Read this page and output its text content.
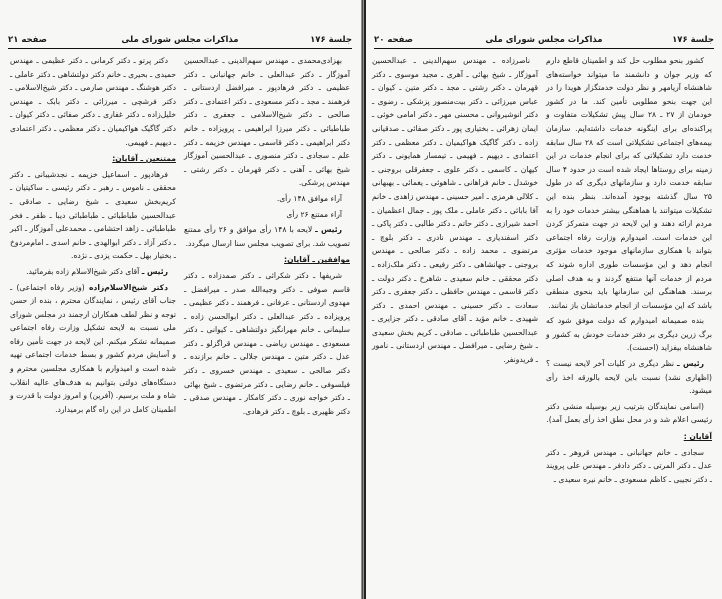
جلسة ۱۷۶
مذاکرات مجلس شورای ملی
صفحه ۲۱

بهزادی‌محمدی ـ مهندس سهم‌الدینی ـ عبدالحسین آموزگار ـ دکتر عبدالعلی ـ خانم جهانبانی ـ دکتر عظیمی ـ دکتر فرهادپور ـ میرافضل اردستانی ـ فرهمند ـ مجد ـ دکتر مسعودی ـ دکتر اعتمادی ـ دکتر صالحی ـ دکتر شیخ‌الاسلامی ـ جعفری ـ دکتر طباطبائی ـ دکتر میرزا ابراهیمی ـ پرویزاده ـ خانم دکتر ابراهیمی ـ دکتر قاسمی ـ مهندس خزیمه ـ دکتر علم ـ سجادی ـ دکتر منصوری ـ عبدالحسین آموزگار شیخ بهائی ـ آهنی ـ دکتر قهرمان ـ دکتر رشتی ـ مهندس پرشکی.

آراء موافق ۱۴۸ رأی.

آراء ممتنع ۲۶ رأی

رئیس ـ لایحه با ۱۴۸ رأی موافق و ۲۶ رأی ممتنع تصویب شد. برای تصویب مجلس سنا ارسال میگردد.

موافقین ـ آقایان:

شریفها ـ دکتر شکرائی ـ دکتر صمدزاده ـ دکتر قاسم صوفی ـ دکتر وجیه‌الله صدر ـ میرافضل ـ مهدوی اردستانی ـ عرفانی ـ فرهمند ـ دکتر عظیمی ـ پرویزاده ـ دکتر عبدالعلی ـ دکتر ابوالحسن زاده ـ سلیمانی ـ خانم مهرانگیز دولتشاهی ـ کیوانی ـ دکتر مسعودی ـ مهندس ریاضی ـ مهندس قراگزلو ـ دکتر عدل ـ دکتر متین ـ مهندس جلالی ـ خانم برازنده ـ دکتر صالحی ـ سعیدی ـ مهندس خسروی ـ دکتر فیلسوفی ـ خانم رضایی ـ دکتر مرتضوی ـ شیخ بهائی ـ دکتر خواجه نوری ـ دکتر کامکار ـ مهندس صدقی ـ دکتر ظهیری ـ بلوچ ـ دکتر فرهادی.

دکتر پرتو ـ دکتر کرمانی ـ دکتر عظیمی ـ مهندس حمیدی ـ بحیری ـ خانم دکتر دولتشاهی ـ دکتر عاملی ـ دکتر هوشنگ ـ مهندس صارمی ـ دکتر شیخ‌الاسلامی ـ دکتر فرشچی ـ میرزائی ـ دکتر بابک ـ مهندس خلیل‌زاده ـ دکتر غفاری ـ دکتر صفائی ـ دکتر کیوان ـ دکتر گاگیک هواکیمیان ـ دکتر معظمی ـ دکتر اعتمادی ـ دیهیم ـ فهیمی.

ممتنعین ـ آقایان:

فرهادپور ـ اسماعیل خزیمه ـ نجدشیبانی ـ دکتر محققی ـ ناموس ـ رهبر ـ دکتر رئیسی ـ ساکیتیان ـ کریم‌بخش سعیدی ـ شیخ رضایی ـ صادقی ـ عبدالحسین طباطبائی ـ طباطبائی دیبا ـ ظفر ـ فخر طباطبائی ـ زاهد احتشامی ـ محمدعلی آموزگار ـ اکبر ـ دکتر آزاد ـ دکتر ابوالهدی ـ خانم اسدی ـ امام‌مردوخ ـ بختیار بهل ـ حکمت یزدی ـ نژده.

رئیس ـ آقای دکتر شیخ‌الاسلام زاده بفرمائید.

دکتر شیخ‌الاسلام‌زاده (وزیر رفاه اجتماعی) ـ جناب آقای رئیس ، نمایندگان محترم ، بنده از حسن توجه و نظر لطف همکاران ارجمند در مجلس شورای ملی نسبت به لایحه تشکیل وزارت رفاه اجتماعی صمیمانه تشکر میکنم. این لایحه در جهت تأمین رفاه و آسایش مردم کشور و بسط خدمات اجتماعی تهیه شده است و امیدوارم با همکاری مجلسین محترم و دستگاه‌های دولتی بتوانیم به هدف‌های عالیه انقلاب شاه و ملت برسیم. (آفرین) و امروز دولت با قدرت و اطمینان کامل در این راه گام برمیدارد.

صفحه ۲۰	مذاکرات مجلس شورای ملی	جلسة ۱۷۶

کشور بنحو مطلوب حل کند و اطمینان قاطع دارم که وزیر جوان و دانشمند ما میتواند خواسته‌های شاهنشاه آریامهر و نظر دولت خدمتگزار هویدا را در این جهت بنحو مطلوبی تأمین کند. ما در کشور خودمان از ۲۷ ـ ۲۸ سال پیش تشکیلات متفاوت و پراکنده‌ای برای اینگونه خدمات داشته‌ایم. سازمان بیمه‌های اجتماعی تشکیلاتی است که ۲۸ سال سابقه خدمت دارد تشکیلاتی که برای انجام خدمات در این زمینه برای روستاها ایجاد شده است در حدود ۴ سال سابقه خدمت دارد و سازمانهای دیگری که در طول ۲۵ سال گذشته بوجود آمده‌اند. بنظر بنده این تشکیلات میتوانند با هماهنگی بیشتر خدمات خود را به مردم ارائه دهند و این لایحه در جهت متمرکز کردن این خدمات است. امیدوارم وزارت رفاه اجتماعی بتواند با همکاری سازمانهای موجود خدمات مؤثری انجام دهد و این مؤسسات طوری اداره شوند که مردم از خدمات آنها منتفع گردند و به هدف اصلی برسند. هماهنگی این سازمانها باید بنحوی منطقی باشد که این مؤسسات از انجام خدماتشان باز نمانند.

بنده صمیمانه امیدوارم که دولت موفق شود که برگ زرین دیگری بر دفتر خدمات خودش به کشور و شاهنشاه بیفزاید (احسنت).

رئیس ـ نظر دیگری در کلیات آخر لایحه نیست ؟ (اظهاری نشد) نسبت باین لایحه بالورقه اخذ رأی میشود.

(اسامی نمایندگان بترتیب زیر بوسیله منشی دکتر رئیسی اعلام شد و در محل نطق اخذ رأی بعمل آمد).

آقایان :

سجادی ـ خانم جهانبانی ـ مهندس قروهر ـ دکتر عدل ـ دکتر المرتی ـ دکتر دادفر ـ مهندس علی پرویند ـ دکتر نجیبی ـ کاظم مسعودی ـ خانم نیره سعیدی ـ

ناصرزاده ـ مهندس سهم‌الدینی ـ عبدالحسین آموزگار ـ شیخ بهائی ـ آهری ـ مجید موسوی ـ دکتر قهرمان ـ دکتر رشتی ـ مجد ـ دکتر متین ـ کیوان ـ عباس میرزائی ـ دکتر بیت‌منصور پزشکی ـ رضوی ـ دکتر انوشیروانی ـ محسنی مهر ـ دکتر امامی خوئی ـ ایمان زهرائی ـ بختیاری پور ـ دکتر صفائی ـ صدقیانی زاده ـ دکتر گاگیک هواکیمیان ـ دکتر معظمی ـ دکتر اعتمادی ـ دیهیم ـ فهیمی ـ تیمسار همایونی ـ دکتر کیهان ـ کاسمی ـ دکتر علوی ـ جعفرقلی بروجنی ـ خوشدل ـ خانم فراهانی ـ شاهوئی ـ یغمائی ـ بهبهانی ـ کلالی هرمزی ـ امیر حسینی ـ مهندس زاهدی ـ خانم آفا بابائی ـ دکتر عاملی ـ ملک پور ـ جمال اعظمیان ـ احمد شیرازی ـ دکتر حاتم ـ دکتر طالبی ـ دکتر پاکی ـ دکتر اسفندیاری ـ مهندس نادری ـ دکتر بلوچ ـ مرتضوی ـ محمد زاده ـ دکتر صالحی ـ مهندس بروجنی ـ جهانشاهی ـ دکتر رفیعی ـ دکتر ملک‌زاده ـ دکتر محققی ـ خانم سعیدی ـ شاهرخ ـ دکتر دولت ـ دکتر قاسمی ـ مهندس حافظی ـ دکتر جعفری ـ دکتر سعادت ـ دکتر حسینی ـ مهندس احمدی ـ دکتر شهیدی ـ خانم مؤید ـ آقای صادقی ـ دکتر جزایری ـ عبدالحسین طباطبائی ـ صادقی ـ کریم بخش سعیدی ـ شیخ رضایی ـ میرافضل ـ مهندس اردستانی ـ نامور ـ فریدونفر.
